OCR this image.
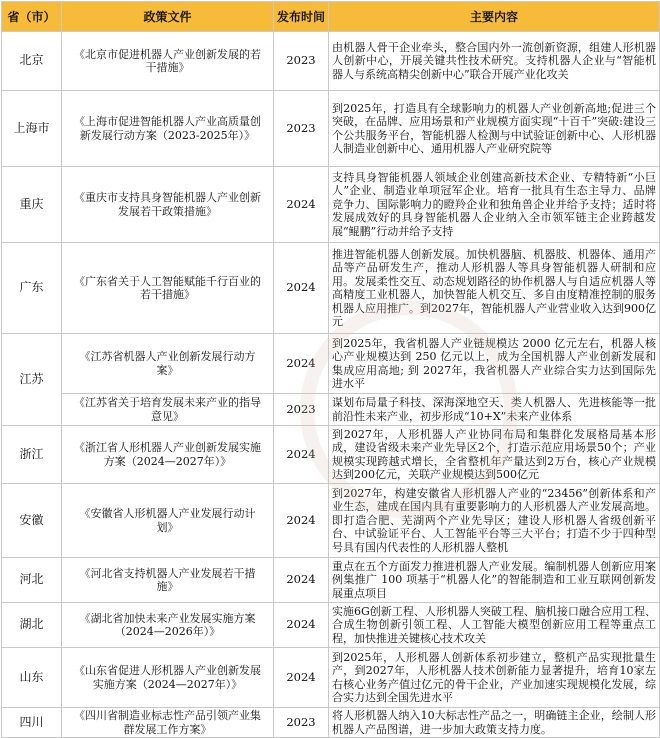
省（市）	政策文件	发布时间	主要内容
北京	《北京市促进机器人产业创新发展的若干措施》	2023	由机器人骨干企业牵头，整合国内外一流创新资源，组建人形机器人创新中心，开展关键共性技术研究。支持机器人企业与“智能机器人与系统高精尖创新中心”联合开展产业化攻关
上海市	《上海市促进智能机器人产业高质量创新发展行动方案（2023-2025年）》	2023	到2025年，打造具有全球影响力的机器人产业创新高地;促进三个突破，在品牌、应用场景和产业规模方面实现“十百千”突破:建设三个公共服务平台，智能机器人检测与中试验证创新中心、人形机器人制造业创新中心、通用机器人产业研究院等
重庆	《重庆市支持具身智能机器人产业创新发展若干政策措施》	2024	支持具身智能机器人领域企业创建高新技术企业、专精特新“小巨人”企业、制造业单项冠军企业。培育一批具有生态主导力、品牌竞争力、国际影响力的瞪羚企业和独角兽企业并给予支持；适时将发展成效好的具身智能机器人企业纳入全市领军链主企业跨越发展“鲲鹏”行动并给予支持
广东	《广东省关于人工智能赋能千行百业的若干措施》	2024	推进智能机器人创新发展。加快机器脑、机器肢、机器体、通用产品等产品研发生产，推动人形机器人等具身智能机器人研制和应用。发展柔性交互、动态规划路径的协作机器人与自适应机器人等高精度工业机器人，加快智能人机交互、多自由度精准控制的服务机器人应用推广。到2027年，智能机器人产业营业收入达到900亿元
江苏	《江苏省机器人产业创新发展行动方案》	2024	到2025年，我省机器人产业链规模达 2000 亿元左右，机器人核心产业规模达到 250 亿元以上，成为全国机器人产业创新发展和集成应用高地; 到 2027年，我省机器人产业综合实力达到国际先进水平
	《江苏省关于培育发展未来产业的指导意见》	2023	谋划布局量子科技、深海深地空天、类人机器人、先进核能等一批前沿性未来产业，初步形成“10+X”未来产业体系
浙江	《浙江省人形机器人产业创新发展实施方案（2024—2027年）》	2024	到2027年，人形机器人产业协同布局和集群化发展格局基本形成，建设省级未来产业先导区2个，打造示范应用场景50个；产业规模实现跨越式增长，全省整机年产量达到2万台，核心产业规模达到200亿元，关联产业规模达到500亿元
安徽	《安徽省人形机器人产业发展行动计划》	2024	到2027年，构建安徽省人形机器人产业的“23456”创新体系和产业生态，建成在国内具有重要影响力的人形机器人产业发展高地。即打造合肥、芜湖两个产业先导区；建设人形机器人省级创新平台、中试验证平台、人工智能平台等三大平台；打造不少于四种型号具有国内代表性的人形机器人整机
河北	《河北省支持机器人产业发展若干措施》	2024	重点在五个方面发力推进机器人产业发展。编制机器人创新应用案例集推广 100 项基于“机器人化”的智能制造和工业互联网创新发展重点项目
湖北	《湖北省加快未来产业发展实施方案（2024—2026年）》	2024	实施6G创新工程、人形机器人突破工程、脑机接口融合应用工程、合成生物创新引领工程、人工智能大模型创新应用工程等重点工程，加快推进关键核心技术攻关
山东	《山东省促进人形机器人产业创新发展实施方案（2024—2027年）》	2024	到2025年，人形机器人创新体系初步建立，整机产品实现批量生产，到2027年，人形机器人技术创新能力显著提升，培育10家左右核心业务产值过亿元的骨干企业，产业加速实现规模化发展，综合实力达到全国先进水平
四川	《四川省制造业标志性产品引领产业集群发展工作方案》	2023	将人形机器人纳入10大标志性产品之一，明确链主企业，绘制人形机器人产品图谱，进一步加大政策支持力度。
